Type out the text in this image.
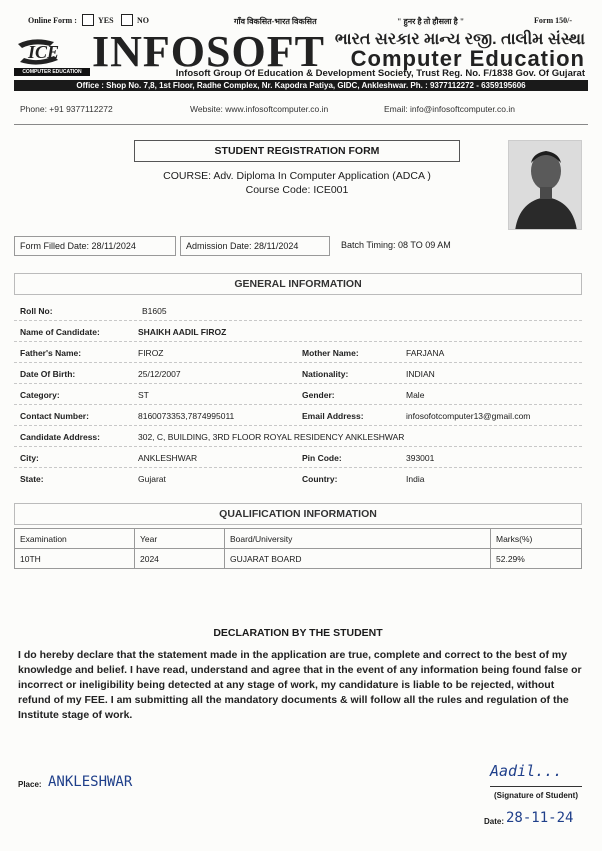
Online Form :	YES	NO	गाँव विकसित-भारत विकसित	" हुनर है तो हौसला है "	Form 150/-
ICE
COMPUTER EDUCATION INFOSOFT ભારત સરકાર માન્ય રજી. તાલીમ સંસ્થા
Computer Education
Infosoft Group Of Education & Development Society, Trust Reg. No. F/1838 Gov. Of Gujarat
Office : Shop No. 7,8, 1st Floor, Radhe Complex, Nr. Kapodra Patiya, GIDC, Ankleshwar. Ph. : 9377112272 - 6359195606
Phone: +91 9377112272	Website: www.infosoftcomputer.co.in	Email: info@infosoftcomputer.co.in
STUDENT REGISTRATION FORM
COURSE: Adv. Diploma In Computer Application (ADCA )
Course Code: ICE001
Form Filled Date: 28/11/2024	Admission Date: 28/11/2024	Batch Timing: 08 TO 09 AM
GENERAL INFORMATION
Roll No:	B1605
Name of Candidate:	SHAIKH AADIL FIROZ
Father's Name:	FIROZ	Mother Name:	FARJANA
Date Of Birth:	25/12/2007	Nationality:	INDIAN
Category:	ST	Gender:	Male
Contact Number:	8160073353,7874995011	Email Address:	infosofotcomputer13@gmail.com
Candidate Address:	302, C, BUILDING, 3RD FLOOR ROYAL RESIDENCY ANKLESHWAR
City:	ANKLESHWAR	Pin Code:	393001
State:	Gujarat	Country:	India
QUALIFICATION INFORMATION
Examination	Year	Board/University	Marks(%)
10TH	2024	GUJARAT BOARD	52.29%
DECLARATION BY THE STUDENT
I do hereby declare that the statement made in the application are true, complete and correct to the best of my knowledge and belief. I have read, understand and agree that in the event of any information being found false or incorrect or ineligibility being detected at any stage of work, my candidature is liable to be rejected, without refund of my FEE. I am submitting all the mandatory documents & will follow all the rules and regulation of the Institute stage of work.
Place: ANKLESHWAR
Aadil...
(Signature of Student)
Date: 28-11-24
